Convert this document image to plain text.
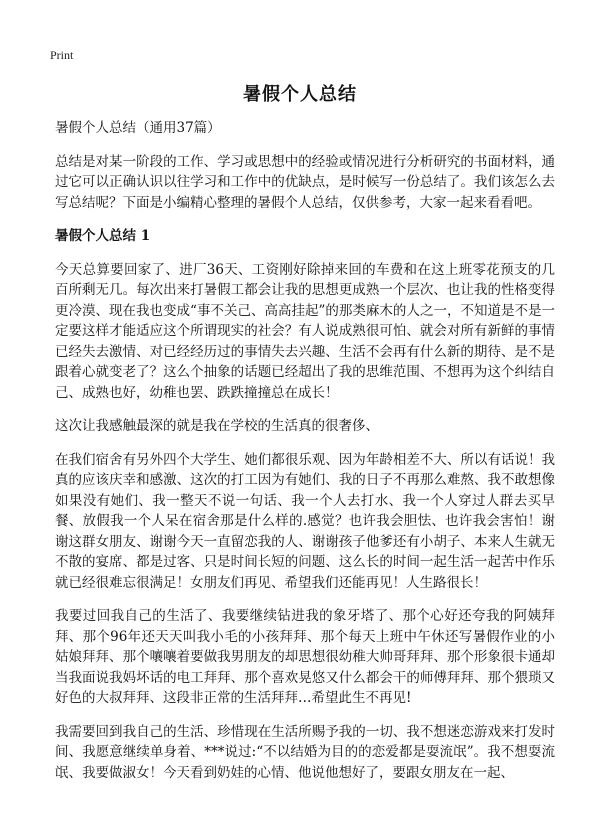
Print
暑假个人总结

暑假个人总结（通用37篇）

总结是对某一阶段的工作、学习或思想中的经验或情况进行分析研究的书面材料，通过它可以正确认识以往学习和工作中的优缺点，是时候写一份总结了。我们该怎么去写总结呢？下面是小编精心整理的暑假个人总结，仅供参考，大家一起来看看吧。

暑假个人总结 1

今天总算要回家了、进厂36天、工资刚好除掉来回的车费和在这上班零花预支的几百所剩无几。每次出来打暑假工都会让我的思想更成熟一个层次、也让我的性格变得更冷漠、现在我也变成“事不关己、高高挂起”的那类麻木的人之一，不知道是不是一定要这样才能适应这个所谓现实的社会？有人说成熟很可怕、就会对所有新鲜的事情已经失去激情、对已经经历过的事情失去兴趣、生活不会再有什么新的期待、是不是跟着心就变老了？这么个抽象的话题已经超出了我的思维范围、不想再为这个纠结自己、成熟也好，幼稚也罢、跌跌撞撞总在成长！

这次让我感触最深的就是我在学校的生活真的很奢侈、

在我们宿舍有另外四个大学生、她们都很乐观、因为年龄相差不大、所以有话说！我真的应该庆幸和感激、这次的打工因为有她们、我的日子不再那么难熬、我不敢想像如果没有她们、我一整天不说一句话、我一个人去打水、我一个人穿过人群去买早餐、放假我一个人呆在宿舍那是什么样的.感觉？也许我会胆怯、也许我会害怕！谢谢这群女朋友、谢谢今天一直留恋我的人、谢谢孩子他爹还有小胡子、本来人生就无不散的宴席、都是过客、只是时间长短的问题、这么长的时间一起生活一起苦中作乐就已经很难忘很满足！女朋友们再见、希望我们还能再见！人生路很长！

我要过回我自己的生活了、我要继续钻进我的象牙塔了、那个心好还夸我的阿姨拜拜、那个96年还天天叫我小毛的小孩拜拜、那个每天上班中午休还写暑假作业的小姑娘拜拜、那个嚷嚷着要做我男朋友的却思想很幼稚大帅哥拜拜、那个形象很卡通却当我面说我妈坏话的电工拜拜、那个喜欢晃悠又什么都会干的师傅拜拜、那个猥琐又好色的大叔拜拜、这段非正常的生活拜拜…希望此生不再见!

我需要回到我自己的生活、珍惜现在生活所赐予我的一切、我不想迷恋游戏来打发时间、我愿意继续单身着、***说过:“不以结婚为目的的恋爱都是耍流氓”。我不想耍流氓、我要做淑女！今天看到奶娃的心情、他说他想好了，要跟女朋友在一起、
